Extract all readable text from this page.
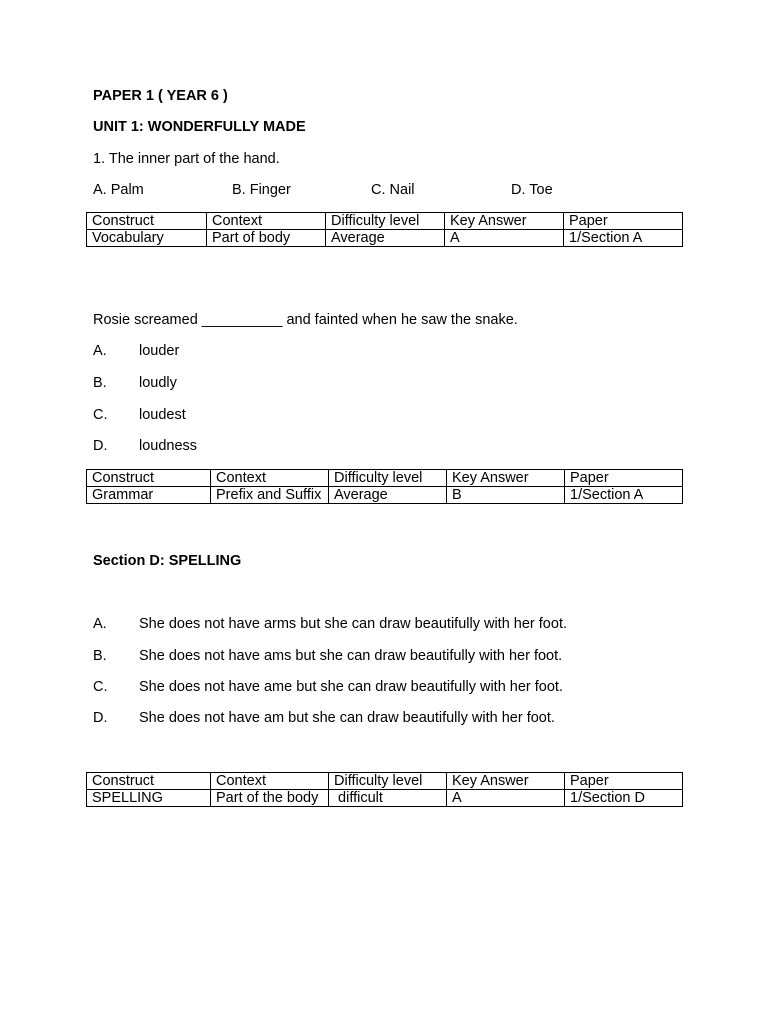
PAPER 1 ( YEAR 6 )
UNIT 1: WONDERFULLY MADE
1. The inner part of the hand.
A. Palm	B. Finger	C. Nail	D. Toe
Construct	Context	Difficulty level	Key Answer	Paper
Vocabulary	Part of body	Average	A	1/Section A
Rosie screamed __________ and fainted when he saw the snake.
A. louder
B. loudly
C. loudest
D. loudness
Construct	Context	Difficulty level	Key Answer	Paper
Grammar	Prefix and Suffix	Average	B	1/Section A
Section D: SPELLING
A. She does not have arms but she can draw beautifully with her foot.
B. She does not have ams but she can draw beautifully with her foot.
C. She does not have ame but she can draw beautifully with her foot.
D. She does not have am but she can draw beautifully with her foot.
Construct	Context	Difficulty level	Key Answer	Paper
SPELLING	Part of the body	difficult	A	1/Section D
